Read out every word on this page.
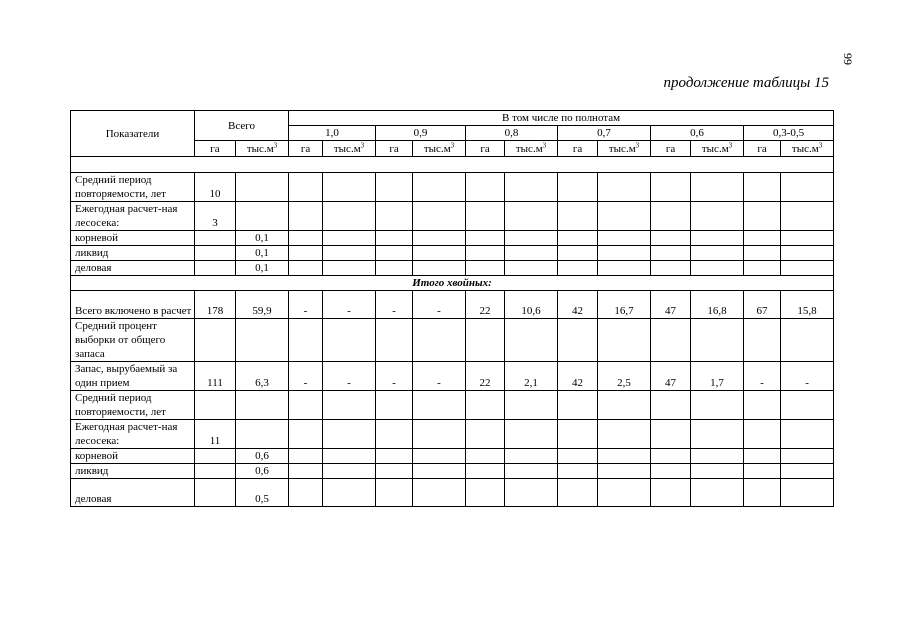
99
продолжение таблицы 15
Показатели	Всего		В том числе по полнотам											
			1,0		0,9		0,8		0,7		0,6		0,3-0,5	
	га	$тыс.м^3$	га	$тыс.м^3$	га	$тыс.м^3$	га	$тыс.м^3$	га	$тыс.м^3$	га	$тыс.м^3$	га	$тыс.м^3$

Средний период повторяемости, лет	10													
Ежегодная расчет-ная лесосека:	3													
корневой		0,1												
ликвид		0,1												
деловая		0,1												
Итого хвойных:														
Всего включено в расчет	178	59,9	-	-	-	-	22	10,6	42	16,7	47	16,8	67	15,8
Средний процент выборки от общего запаса														
Запас, вырубаемый за один прием	111	6,3	-	-	-	-	22	2,1	42	2,5	47	1,7	-	-
Средний период повторяемости, лет														
Ежегодная расчет-ная лесосека:	11													
корневой		0,6												
ликвид		0,6												
деловая		0,5												
